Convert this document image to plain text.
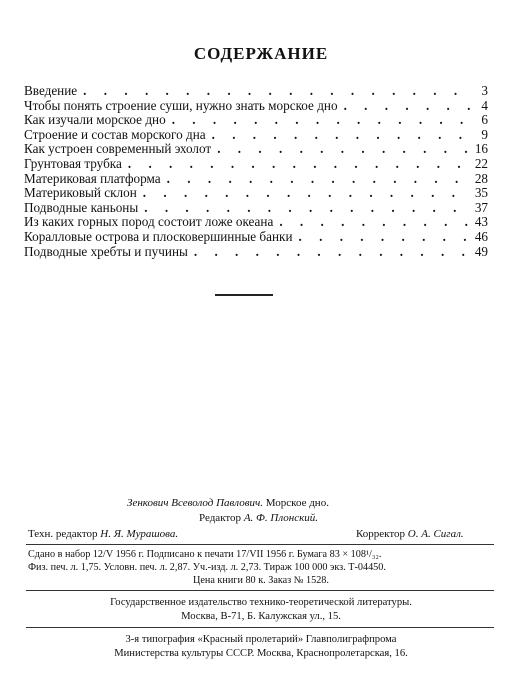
СОДЕРЖАНИЕ
Введение . . .	3
Чтобы понять строение суши, нужно знать морское дно . . .	4
Как изучали морское дно . . .	6
Строение и состав морского дна . . .	9
Как устроен современный эхолот . . .	16
Грунтовая трубка . . .	22
Материковая платформа . . .	28
Материковый склон . . .	35
Подводные каньоны . . .	37
Из каких горных пород состоит ложе океана . . .	43
Коралловые острова и плосковершинные банки . . .	46
Подводные хребты и пучины . . .	49
Зенкович Всеволод Павлович. Морское дно.
Редактор А. Ф. Плонский.
Техн. редактор Н. Я. Мурашова.	Корректор О. А. Сигал.
Сдано в набор 12/V 1956 г. Подписано к печати 17/VII 1956 г. Бумага 83 × 108¹/₃₂.
Физ. печ. л. 1,75. Условн. печ. л. 2,87. Уч.-изд. л. 2,73. Тираж 100 000 экз. Т-04450.
Цена книги 80 к. Заказ № 1528.
Государственное издательство технико-теоретической литературы.
Москва, В-71, Б. Калужская ул., 15.
3-я типография «Красный пролетарий» Главполиграфпрома
Министерства культуры СССР. Москва, Краснопролетарская, 16.
